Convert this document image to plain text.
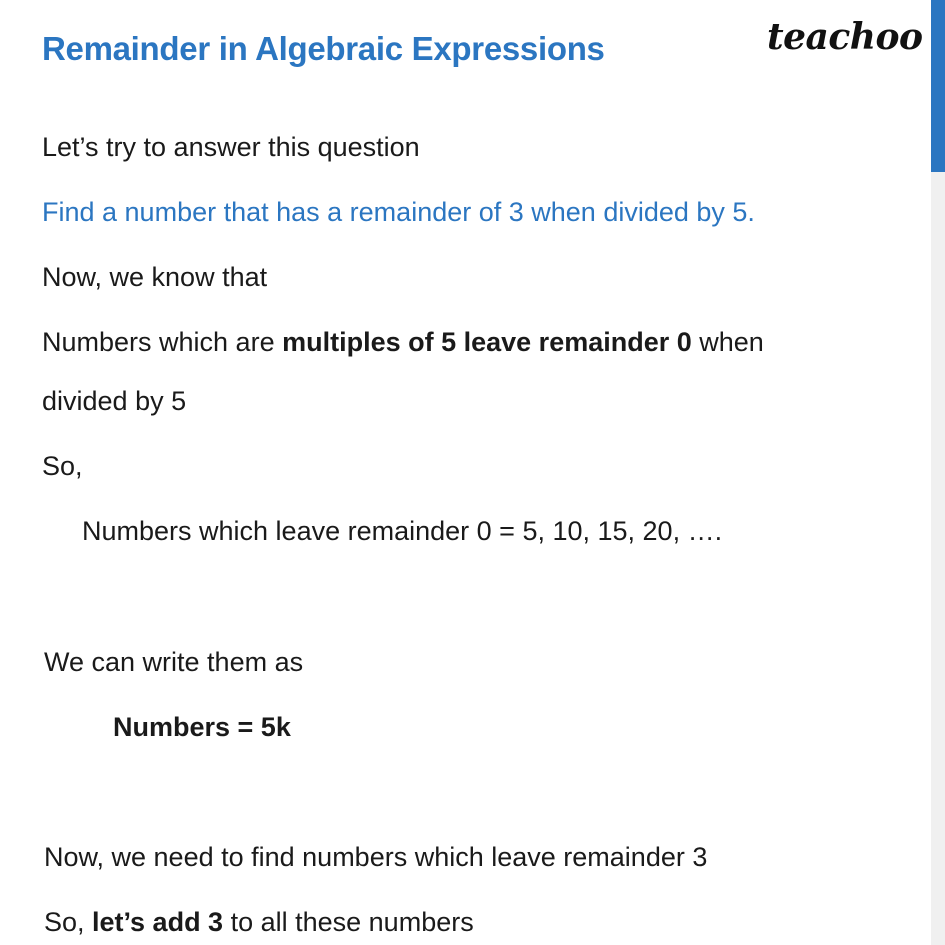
Remainder in Algebraic Expressions	teachoo
Let’s try to answer this question
Find a number that has a remainder of 3 when divided by 5.
Now, we know that
Numbers which are multiples of 5 leave remainder 0 when
divided by 5
So,
Numbers which leave remainder 0 = 5, 10, 15, 20, ….
We can write them as
Numbers = 5k
Now, we need to find numbers which leave remainder 3
So, let’s add 3 to all these numbers
